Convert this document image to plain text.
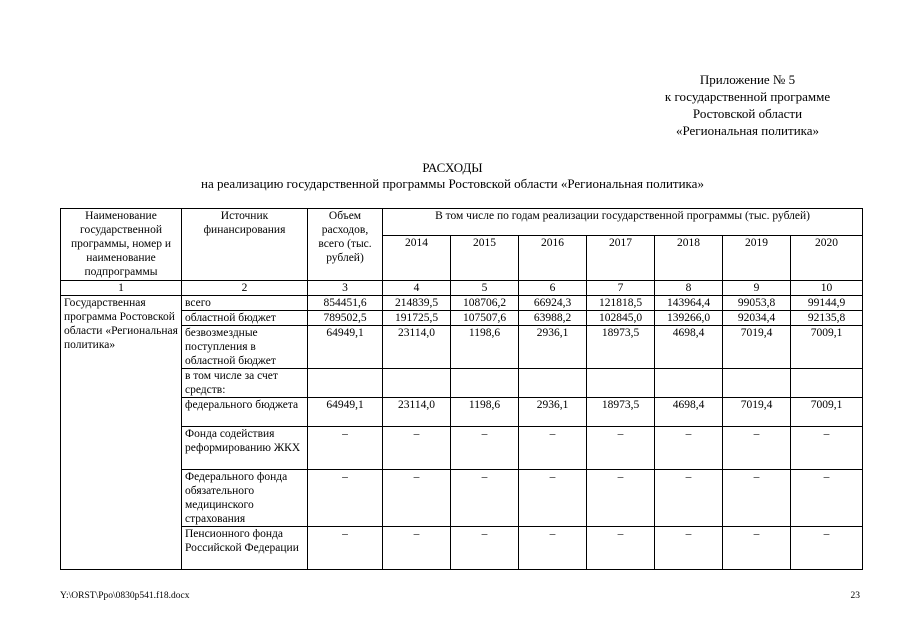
Приложение № 5
к государственной программе
Ростовской области
«Региональная политика»
РАСХОДЫ
на реализацию государственной программы Ростовской области «Региональная политика»
Наименование государственной программы, номер и наименование подпрограммы	Источник финансирования	Объем расходов, всего (тыс. рублей)	В том числе по годам реализации государственной программы (тыс. рублей)						
			2014	2015	2016	2017	2018	2019	2020
1	2	3	4	5	6	7	8	9	10
Государственная программа Ростовской области «Региональная политика»	всего	854451,6	214839,5	108706,2	66924,3	121818,5	143964,4	99053,8	99144,9
	областной бюджет	789502,5	191725,5	107507,6	63988,2	102845,0	139266,0	92034,4	92135,8
	безвозмездные поступления в областной бюджет	64949,1	23114,0	1198,6	2936,1	18973,5	4698,4	7019,4	7009,1
	в том числе за счет средств:								
	федерального бюджета	64949,1	23114,0	1198,6	2936,1	18973,5	4698,4	7019,4	7009,1
	Фонда содействия реформированию ЖКХ	–	–	–	–	–	–	–	–
	Федерального фонда обязательного медицинского страхования	–	–	–	–	–	–	–	–
	Пенсионного фонда Российской Федерации	–	–	–	–	–	–	–	–
Y:\ORST\Ppo\0830p541.f18.docx	23
